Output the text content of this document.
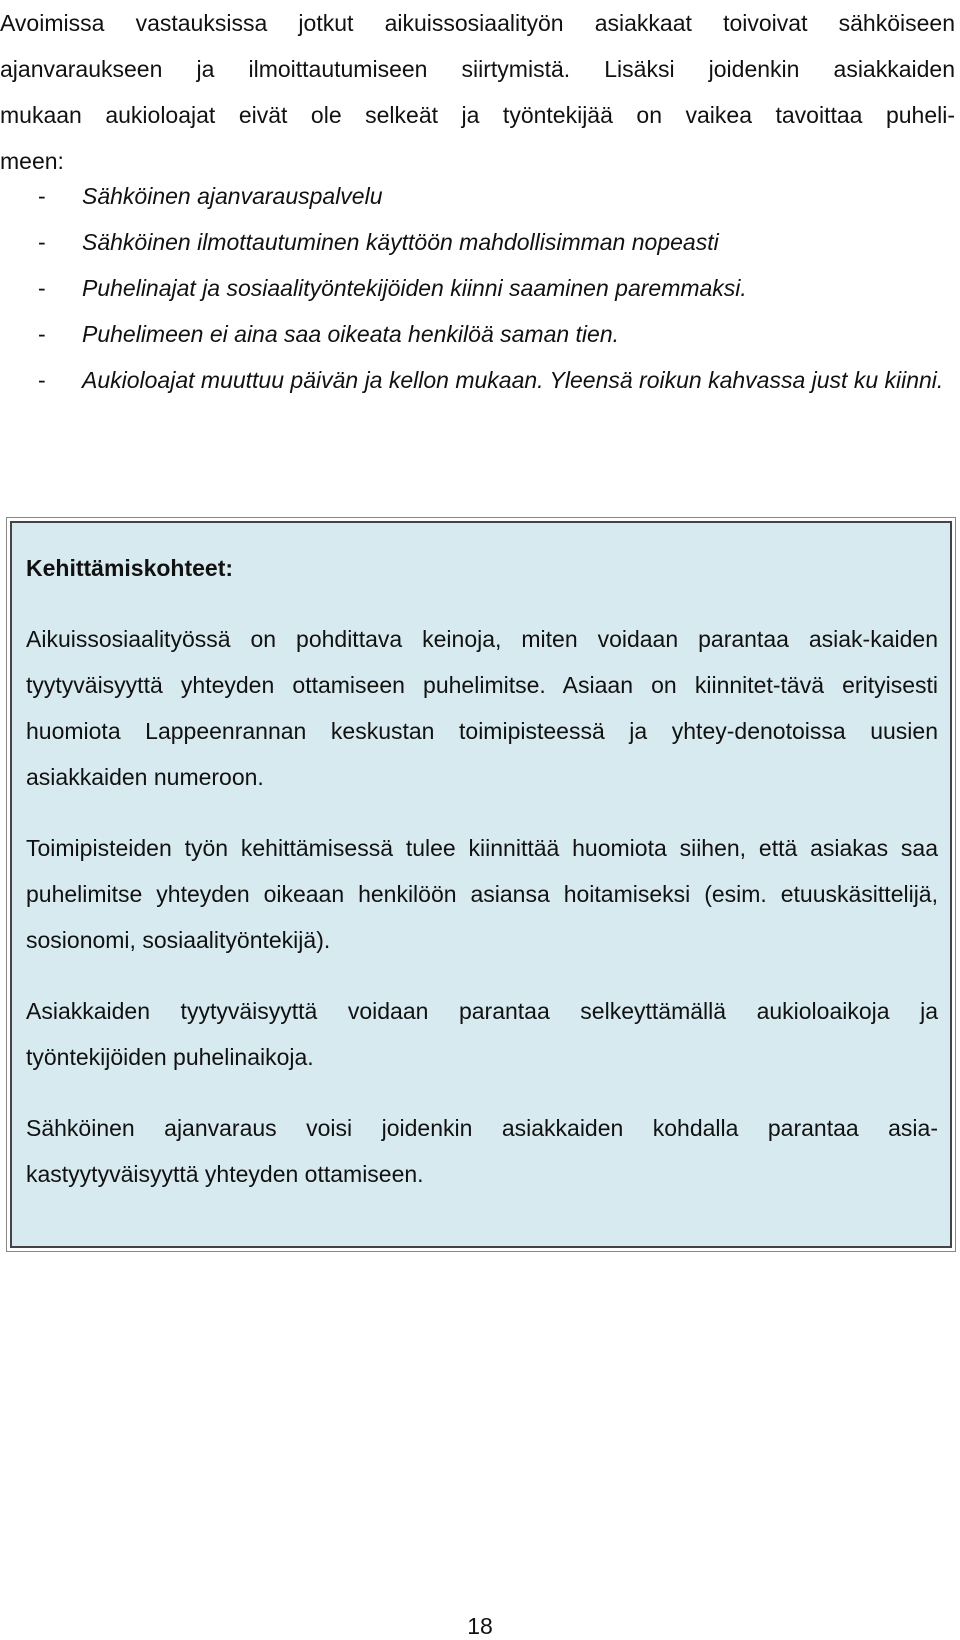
Avoimissa vastauksissa jotkut aikuissosiaalityön asiakkaat toivoivat sähköiseen
ajanvaraukseen ja ilmoittautumiseen siirtymistä. Lisäksi joidenkin asiakkaiden
mukaan aukioloajat eivät ole selkeät ja työntekijää on vaikea tavoittaa puheli-
meen:
- Sähköinen ajanvarauspalvelu
- Sähköinen ilmottautuminen käyttöön mahdollisimman nopeasti
- Puhelinajat ja sosiaalityöntekijöiden kiinni saaminen paremmaksi.
- Puhelimeen ei aina saa oikeata henkilöä saman tien.
- Aukioloajat muuttuu päivän ja kellon mukaan. Yleensä roikun kahvassa just ku kiinni.

Kehittämiskohteet:

Aikuissosiaalityössä on pohdittava keinoja, miten voidaan parantaa asiak-kaiden tyytyväisyyttä yhteyden ottamiseen puhelimitse. Asiaan on kiinnitet-tävä erityisesti huomiota Lappeenrannan keskustan toimipisteessä ja yhtey-denotoissa uusien asiakkaiden numeroon.

Toimipisteiden työn kehittämisessä tulee kiinnittää huomiota siihen, että asiakas saa puhelimitse yhteyden oikeaan henkilöön asiansa hoitamiseksi (esim. etuuskäsittelijä, sosionomi, sosiaalityöntekijä).

Asiakkaiden tyytyväisyyttä voidaan parantaa selkeyttämällä aukioloaikoja ja työntekijöiden puhelinaikoja.

Sähköinen ajanvaraus voisi joidenkin asiakkaiden kohdalla parantaa asia-kastyytyväisyyttä yhteyden ottamiseen.

18
